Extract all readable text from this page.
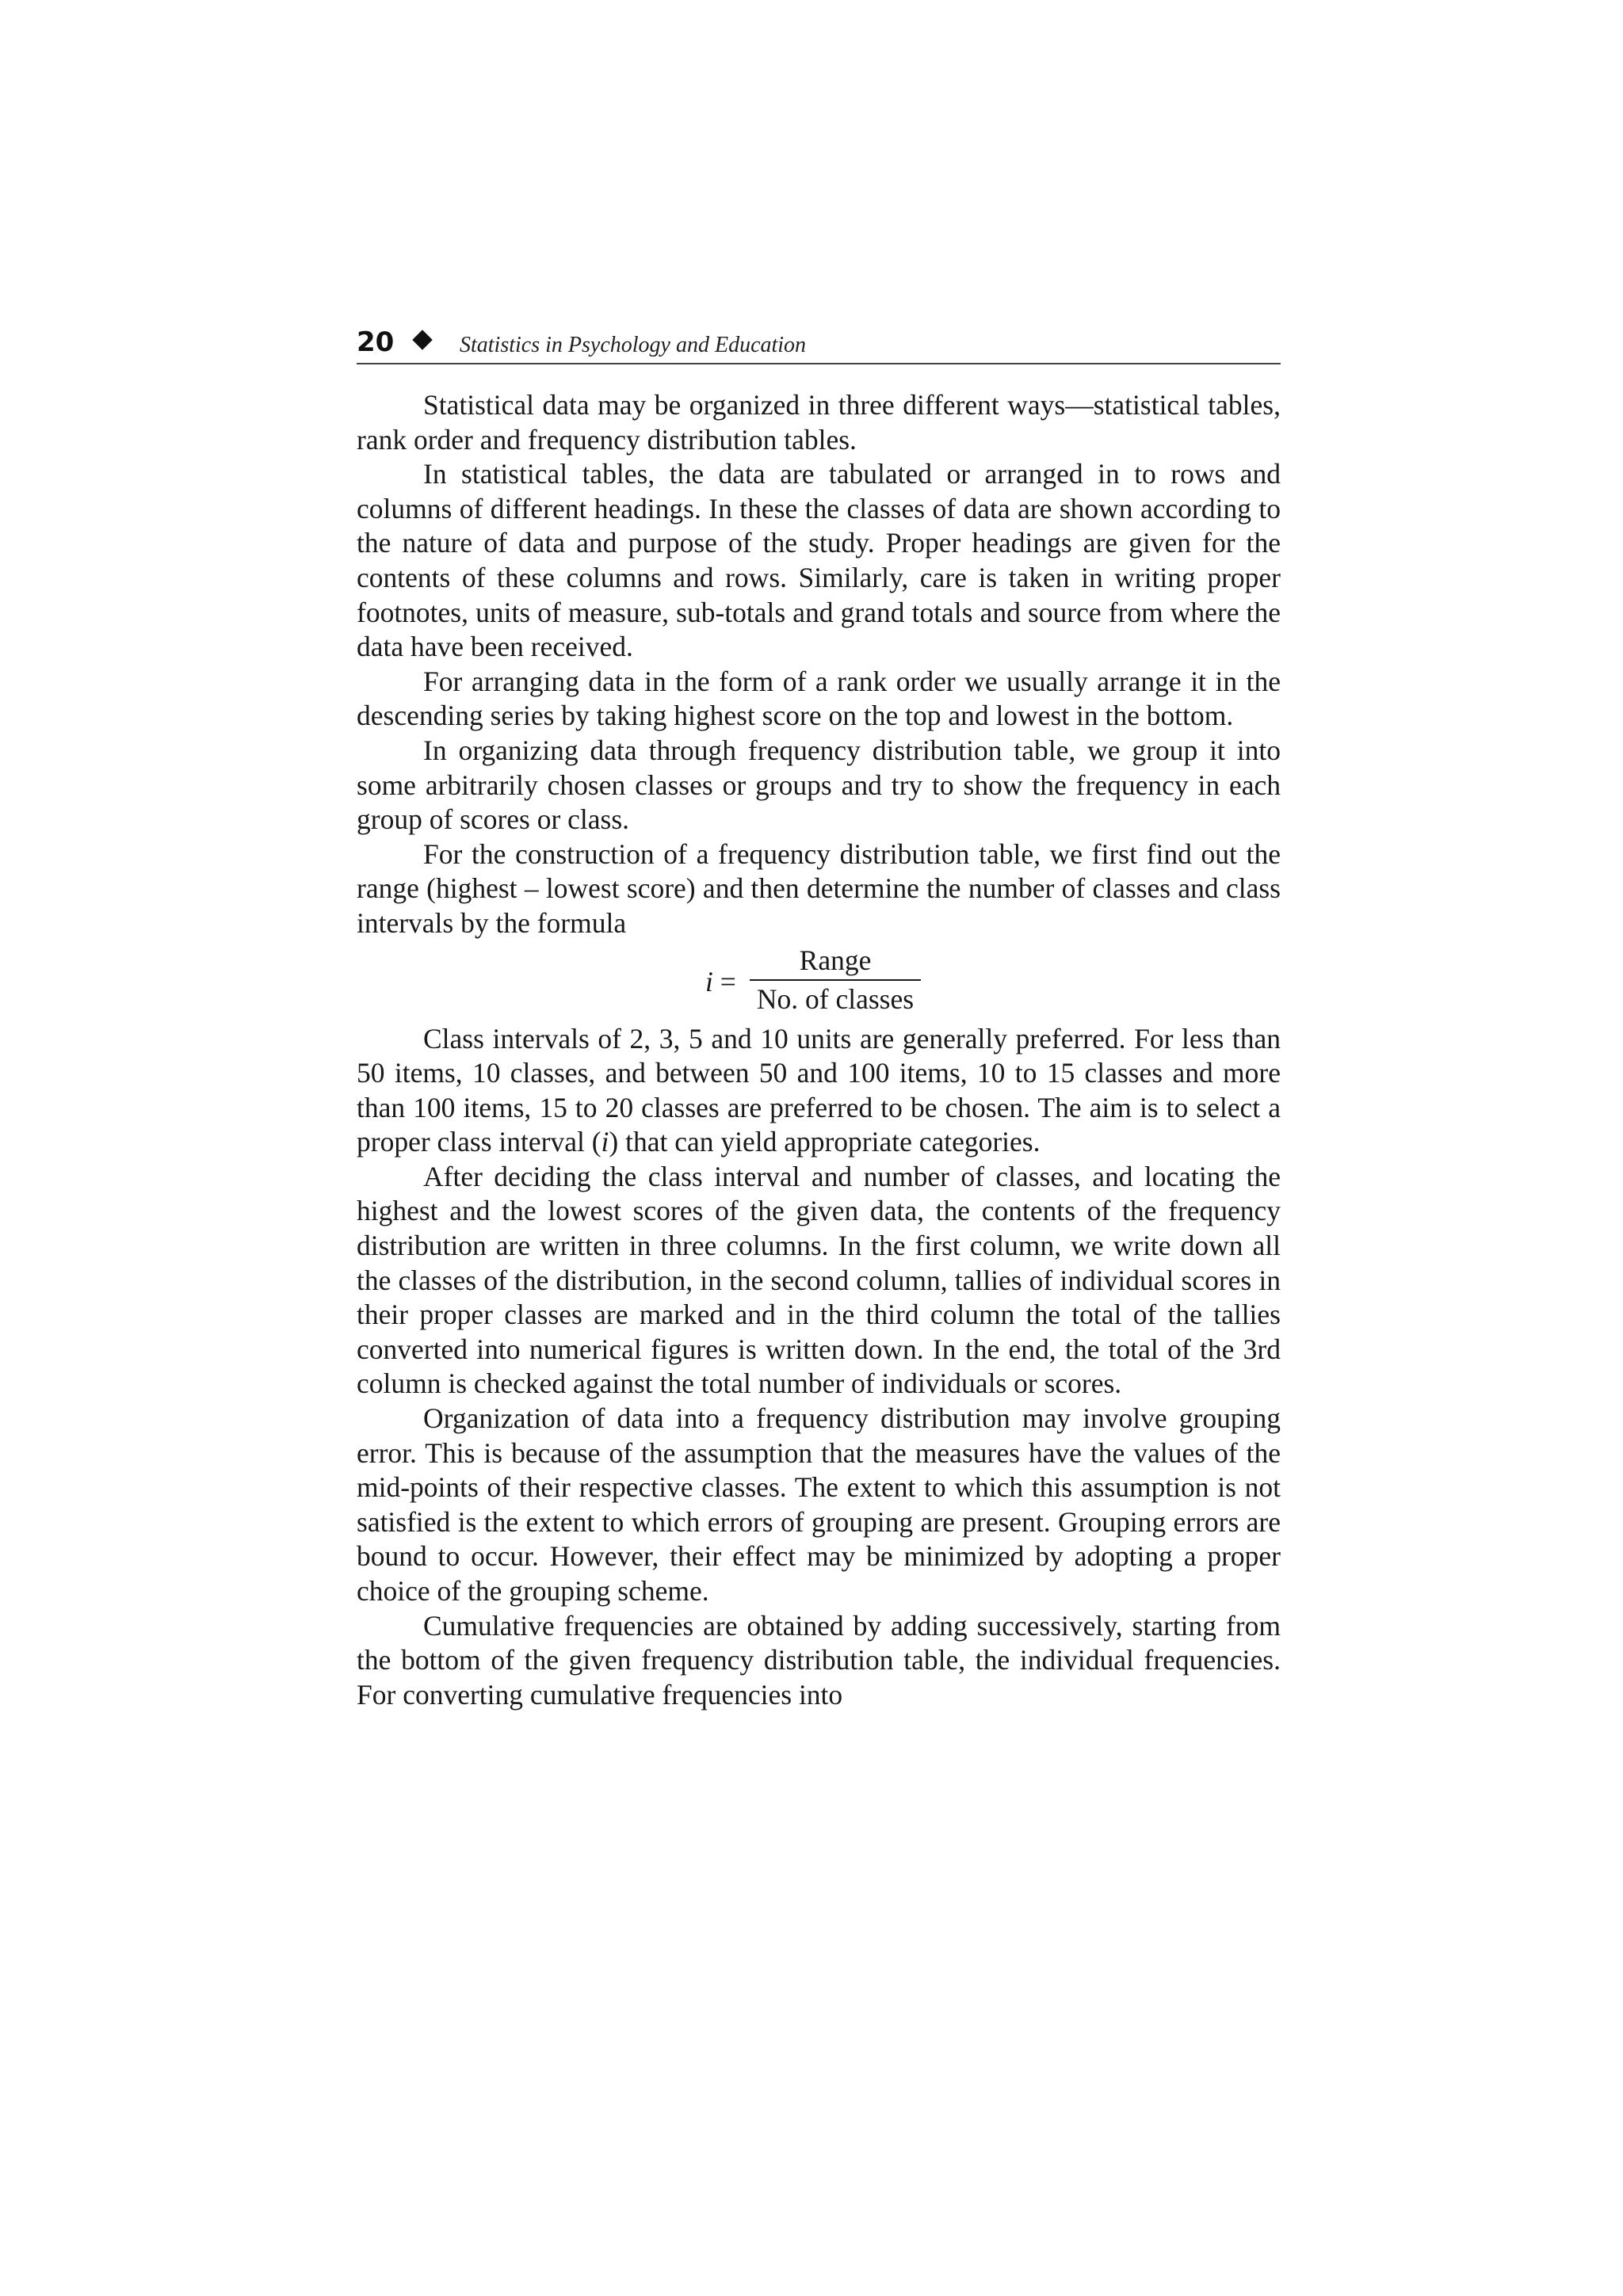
20	Statistics in Psychology and Education

Statistical data may be organized in three different ways—statistical tables, rank order and frequency distribution tables.

In statistical tables, the data are tabulated or arranged in to rows and columns of different headings. In these the classes of data are shown according to the nature of data and purpose of the study. Proper headings are given for the contents of these columns and rows. Similarly, care is taken in writing proper footnotes, units of measure, sub-totals and grand totals and source from where the data have been received.

For arranging data in the form of a rank order we usually arrange it in the descending series by taking highest score on the top and lowest in the bottom.

In organizing data through frequency distribution table, we group it into some arbitrarily chosen classes or groups and try to show the frequency in each group of scores or class.

For the construction of a frequency distribution table, we first find out the range (highest – lowest score) and then determine the number of classes and class intervals by the formula

i =
Range
No. of classes

Class intervals of 2, 3, 5 and 10 units are generally preferred. For less than 50 items, 10 classes, and between 50 and 100 items, 10 to 15 classes and more than 100 items, 15 to 20 classes are preferred to be chosen. The aim is to select a proper class interval (i) that can yield appropriate categories.

After deciding the class interval and number of classes, and locating the highest and the lowest scores of the given data, the contents of the frequency distribution are written in three columns. In the first column, we write down all the classes of the distribution, in the second column, tallies of individual scores in their proper classes are marked and in the third column the total of the tallies converted into numerical figures is written down. In the end, the total of the 3rd column is checked against the total number of individuals or scores.

Organization of data into a frequency distribution may involve grouping error. This is because of the assumption that the measures have the values of the mid-points of their respective classes. The extent to which this assumption is not satisfied is the extent to which errors of grouping are present. Grouping errors are bound to occur. However, their effect may be minimized by adopting a proper choice of the grouping scheme.

Cumulative frequencies are obtained by adding successively, starting from the bottom of the given frequency distribution table, the individual frequencies. For converting cumulative frequencies into
